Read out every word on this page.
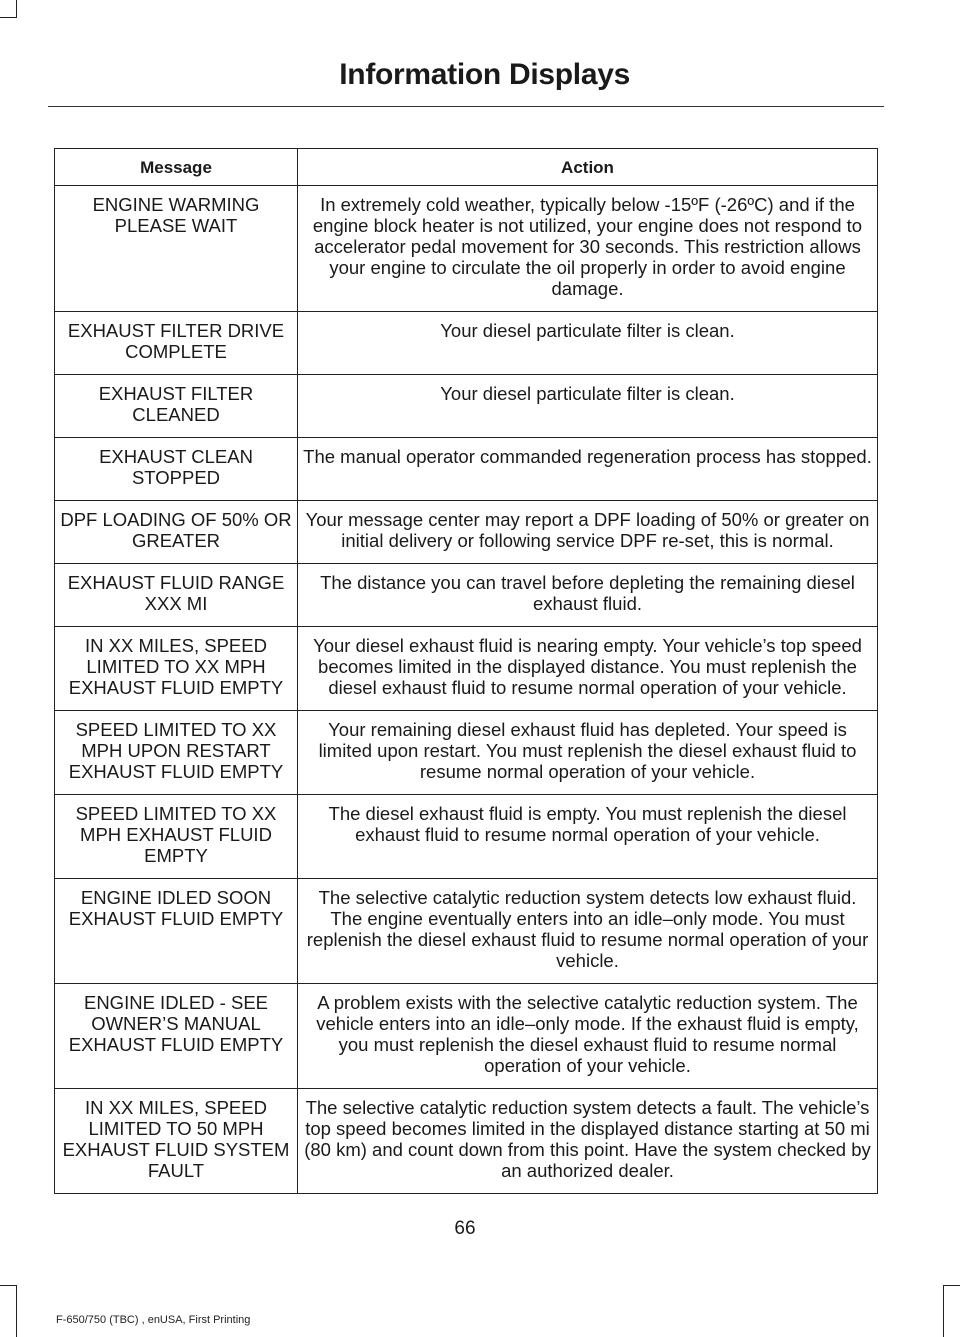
Information Displays
Message	Action
ENGINE WARMING PLEASE WAIT	In extremely cold weather, typically below -15ºF (-26ºC) and if the engine block heater is not utilized, your engine does not respond to accelerator pedal movement for 30 seconds. This restriction allows your engine to circulate the oil properly in order to avoid engine damage.
EXHAUST FILTER DRIVE COMPLETE	Your diesel particulate filter is clean.
EXHAUST FILTER CLEANED	Your diesel particulate filter is clean.
EXHAUST CLEAN STOPPED	The manual operator commanded regeneration process has stopped.
DPF LOADING OF 50% OR GREATER	Your message center may report a DPF loading of 50% or greater on initial delivery or following service DPF re-set, this is normal.
EXHAUST FLUID RANGE XXX MI	The distance you can travel before depleting the remaining diesel exhaust fluid.
IN XX MILES, SPEED LIMITED TO XX MPH EXHAUST FLUID EMPTY	Your diesel exhaust fluid is nearing empty. Your vehicle’s top speed becomes limited in the displayed distance. You must replenish the diesel exhaust fluid to resume normal operation of your vehicle.
SPEED LIMITED TO XX MPH UPON RESTART EXHAUST FLUID EMPTY	Your remaining diesel exhaust fluid has depleted. Your speed is limited upon restart. You must replenish the diesel exhaust fluid to resume normal operation of your vehicle.
SPEED LIMITED TO XX MPH EXHAUST FLUID EMPTY	The diesel exhaust fluid is empty. You must replenish the diesel exhaust fluid to resume normal operation of your vehicle.
ENGINE IDLED SOON EXHAUST FLUID EMPTY	The selective catalytic reduction system detects low exhaust fluid. The engine eventually enters into an idle–only mode. You must replenish the diesel exhaust fluid to resume normal operation of your vehicle.
ENGINE IDLED - SEE OWNER’S MANUAL EXHAUST FLUID EMPTY	A problem exists with the selective catalytic reduction system. The vehicle enters into an idle–only mode. If the exhaust fluid is empty, you must replenish the diesel exhaust fluid to resume normal operation of your vehicle.
IN XX MILES, SPEED LIMITED TO 50 MPH EXHAUST FLUID SYSTEM FAULT	The selective catalytic reduction system detects a fault. The vehicle’s top speed becomes limited in the displayed distance starting at 50 mi (80 km) and count down from this point. Have the system checked by an authorized dealer.
66
F-650/750 (TBC) , enUSA, First Printing
